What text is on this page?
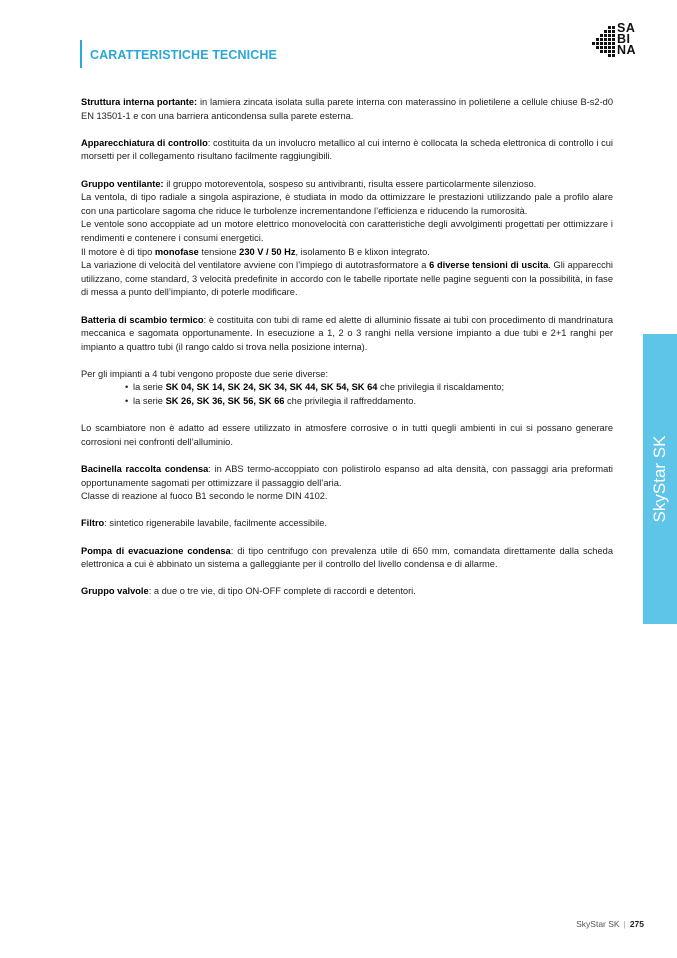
CARATTERISTICHE TECNICHE
SA
BI
NA

Struttura interna portante: in lamiera zincata isolata sulla parete interna con materassino in polietilene a cellule chiuse B-s2-d0 EN 13501-1 e con una barriera anticondensa sulla parete esterna.

Apparecchiatura di controllo: costituita da un involucro metallico al cui interno è collocata la scheda elettronica di controllo i cui morsetti per il collegamento risultano facilmente raggiungibili.

Gruppo ventilante: il gruppo motoreventola, sospeso su antivibranti, risulta essere particolarmente silenzioso.
La ventola, di tipo radiale a singola aspirazione, è studiata in modo da ottimizzare le prestazioni utilizzando pale a profilo alare con una particolare sagoma che riduce le turbolenze incrementandone l’efficienza e riducendo la rumorosità.
Le ventole sono accoppiate ad un motore elettrico monovelocità con caratteristiche degli avvolgimenti progettati per ottimizzare i rendimenti e contenere i consumi energetici.
Il motore è di tipo monofase tensione 230 V / 50 Hz, isolamento B e klixon integrato.
La variazione di velocità del ventilatore avviene con l’impiego di autotrasformatore a 6 diverse tensioni di uscita. Gli apparecchi utilizzano, come standard, 3 velocità predefinite in accordo con le tabelle riportate nelle pagine seguenti con la possibilità, in fase di messa a punto dell’impianto, di poterle modificare.

Batteria di scambio termico: è costituita con tubi di rame ed alette di alluminio fissate ai tubi con procedimento di mandrinatura meccanica e sagomata opportunamente. In esecuzione a 1, 2 o 3 ranghi nella versione impianto a due tubi e 2+1 ranghi per impianto a quattro tubi (il rango caldo si trova nella posizione interna).

Per gli impianti a 4 tubi vengono proposte due serie diverse:

• la serie SK 04, SK 14, SK 24, SK 34, SK 44, SK 54, SK 64 che privilegia il riscaldamento;
• la serie SK 26, SK 36, SK 56, SK 66 che privilegia il raffreddamento.

Lo scambiatore non è adatto ad essere utilizzato in atmosfere corrosive o in tutti quegli ambienti in cui si possano generare corrosioni nei confronti dell’alluminio.

Bacinella raccolta condensa: in ABS termo-accoppiato con polistirolo espanso ad alta densità, con passaggi aria preformati opportunamente sagomati per ottimizzare il passaggio dell’aria.
Classe di reazione al fuoco B1 secondo le norme DIN 4102.

Filtro: sintetico rigenerabile lavabile, facilmente accessibile.

Pompa di evacuazione condensa: di tipo centrifugo con prevalenza utile di 650 mm, comandata direttamente dalla scheda elettronica a cui è abbinato un sistema a galleggiante per il controllo del livello condensa e di allarme.

Gruppo valvole: a due o tre vie, di tipo ON-OFF complete di raccordi e detentori.

SkyStar SK
SkyStar SK | 275
